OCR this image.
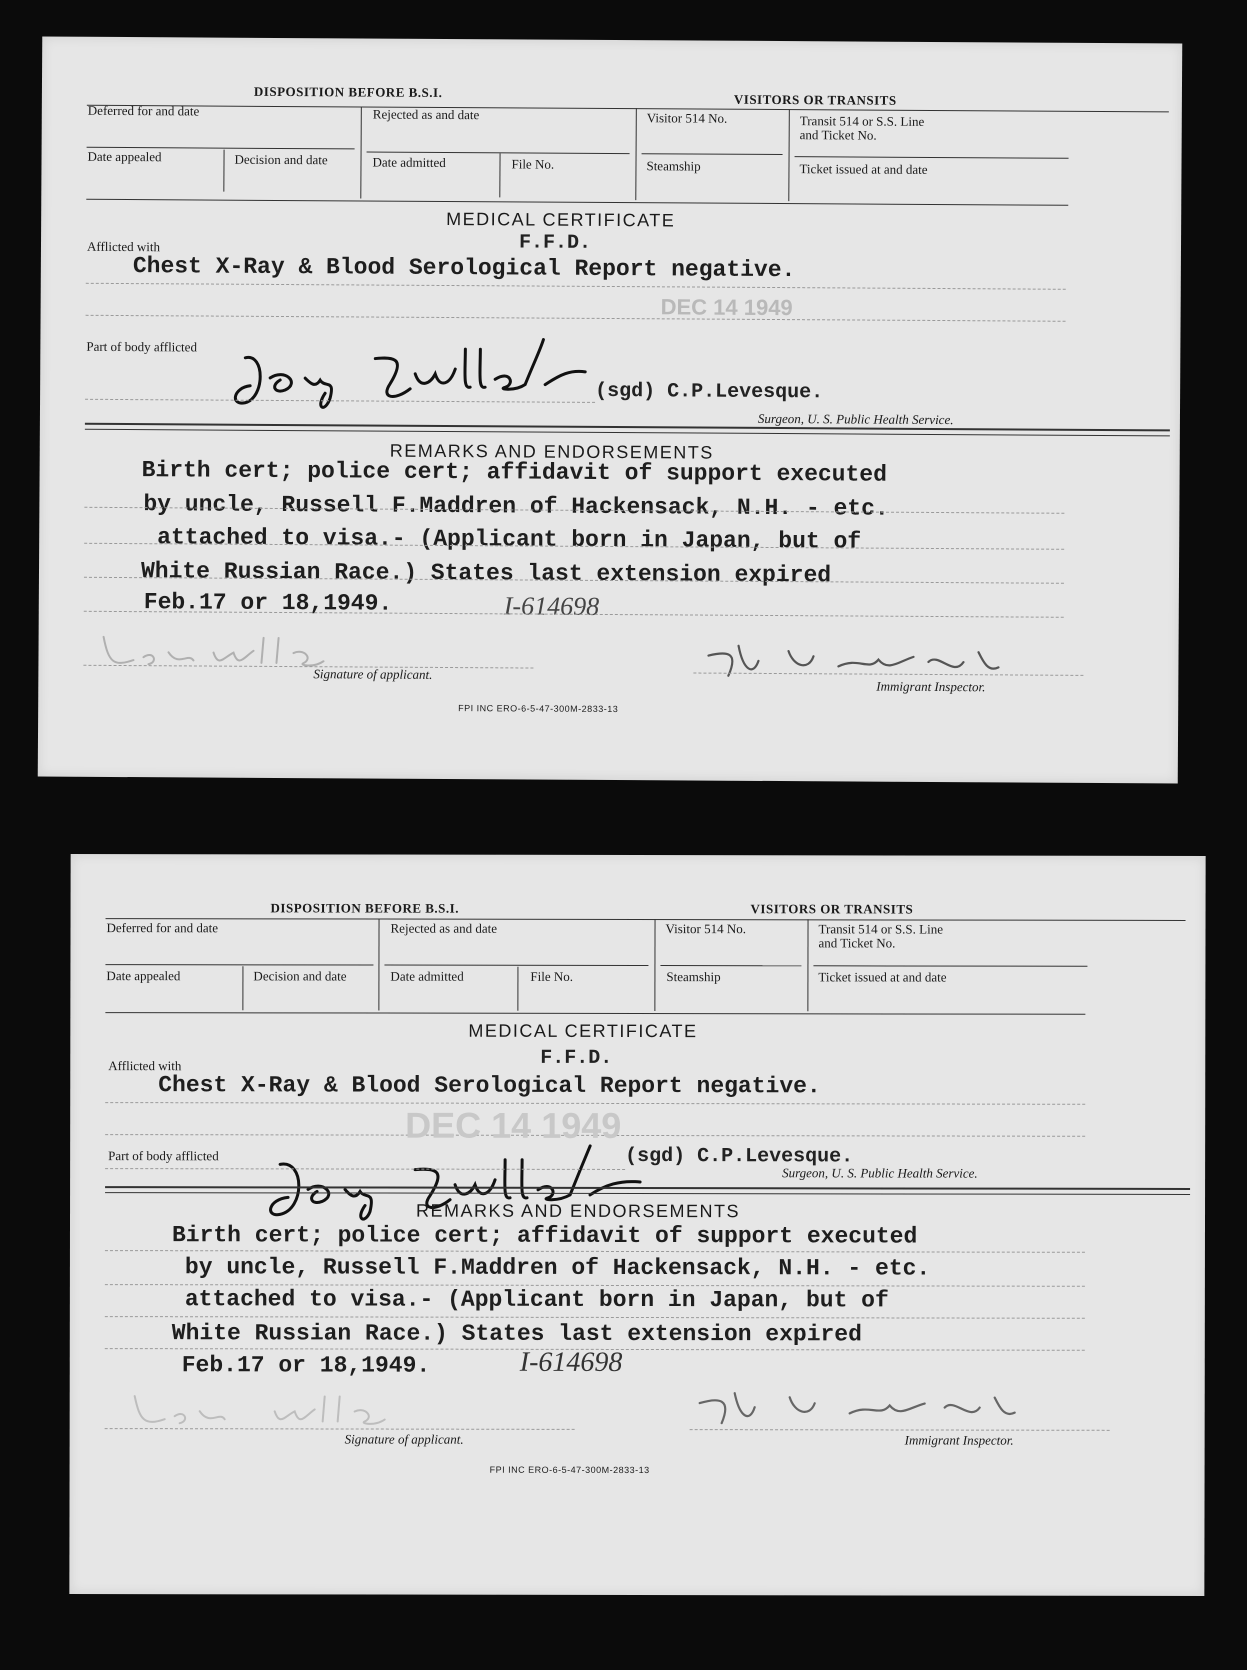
DISPOSITION BEFORE B.S.I.	VISITORS OR TRANSITS
Deferred for and date	Rejected as and date	Visitor 514 No.	Transit 514 or S.S. Line
and Ticket No.
Date appealed	Decision and date	Date admitted	File No.	Steamship	Ticket issued at and date
MEDICAL CERTIFICATE
Afflicted with	F.F.D.
Chest X-Ray & Blood Serological Report negative.
DEC 14 1949
Part of body afflicted
(sgd) C.P.Levesque.
Surgeon, U. S. Public Health Service.
REMARKS AND ENDORSEMENTS
Birth cert; police cert; affidavit of support executed
by uncle, Russell F.Maddren of Hackensack, N.H. - etc.
attached to visa.- (Applicant born in Japan, but of
White Russian Race.) States last extension expired
Feb.17 or 18,1949.	I-614698
Signature of applicant.
Immigrant Inspector.
FPI INC ERO-6-5-47-300M-2833-13
DISPOSITION BEFORE B.S.I.	VISITORS OR TRANSITS
Deferred for and date	Rejected as and date	Visitor 514 No.	Transit 514 or S.S. Line
and Ticket No.
Date appealed	Decision and date	Date admitted	File No.	Steamship	Ticket issued at and date
MEDICAL CERTIFICATE
Afflicted with	F.F.D.
Chest X-Ray & Blood Serological Report negative.
DEC 14 1949
Part of body afflicted	(sgd) C.P.Levesque.
Surgeon, U. S. Public Health Service.
REMARKS AND ENDORSEMENTS
Birth cert; police cert; affidavit of support executed
by uncle, Russell F.Maddren of Hackensack, N.H. - etc.
attached to visa.- (Applicant born in Japan, but of
White Russian Race.) States last extension expired
Feb.17 or 18,1949.	I-614698
Signature of applicant.	Immigrant Inspector.
FPI INC ERO-6-5-47-300M-2833-13
